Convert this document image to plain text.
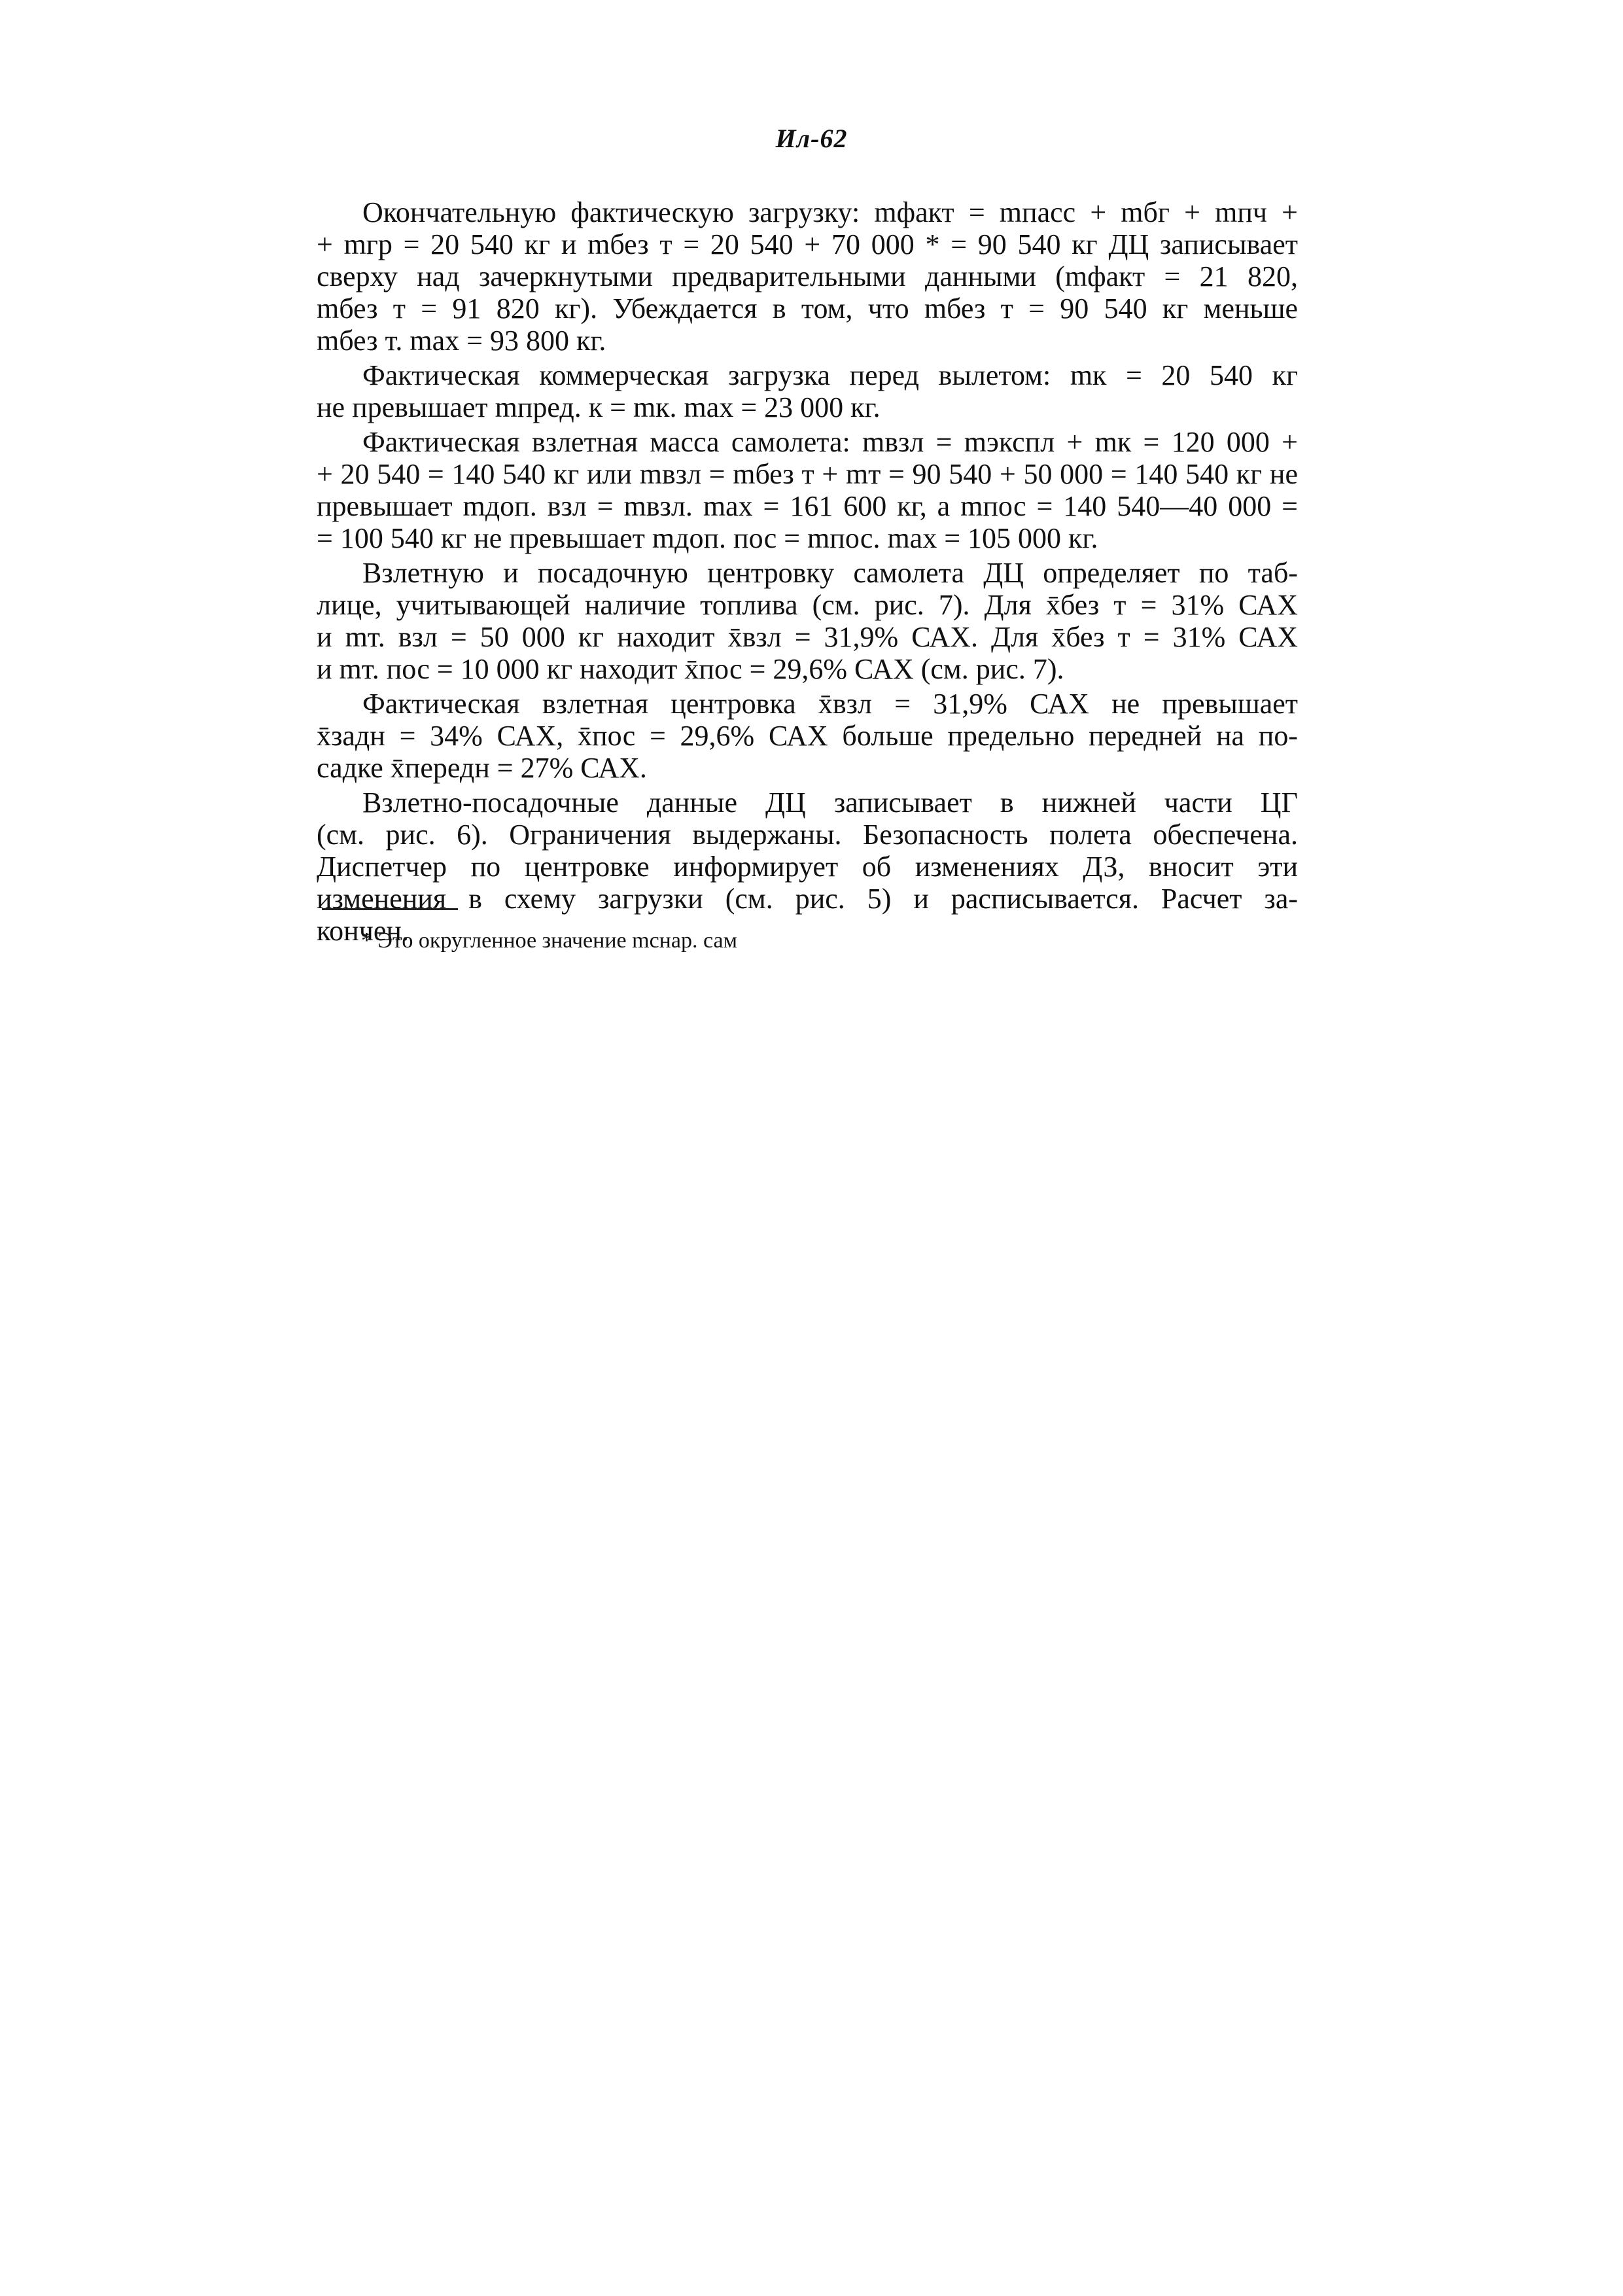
Ил-62
Окончательную фактическую загрузку: mфакт = mпасс + mбг + mпч +
+ mгр = 20 540 кг и mбез т = 20 540 + 70 000 * = 90 540 кг ДЦ записывает
сверху над зачеркнутыми предварительными данными (mфакт = 21 820,
mбез т = 91 820 кг). Убеждается в том, что mбез т = 90 540 кг меньше
mбез т. max = 93 800 кг.
Фактическая коммерческая загрузка перед вылетом: mк = 20 540 кг
не превышает mпред. к = mк. max = 23 000 кг.
Фактическая взлетная масса самолета: mвзл = mэкспл + mк = 120 000 +
+ 20 540 = 140 540 кг или mвзл = mбез т + mт = 90 540 + 50 000 = 140 540 кг не
превышает mдоп. взл = mвзл. max = 161 600 кг, а mпос = 140 540—40 000 =
= 100 540 кг не превышает mдоп. пос = mпос. max = 105 000 кг.
Взлетную и посадочную центровку самолета ДЦ определяет по таб-
лице, учитывающей наличие топлива (см. рис. 7). Для x̄без т = 31% САХ
и mт. взл = 50 000 кг находит x̄взл = 31,9% САХ. Для x̄без т = 31% САХ
и mт. пос = 10 000 кг находит x̄пос = 29,6% САХ (см. рис. 7).
Фактическая взлетная центровка x̄взл = 31,9% САХ не превышает
x̄задн = 34% САХ, x̄пос = 29,6% САХ больше предельно передней на по-
садке x̄передн = 27% САХ.
Взлетно-посадочные данные ДЦ записывает в нижней части ЦГ
(см. рис. 6). Ограничения выдержаны. Безопасность полета обеспечена.
Диспетчер по центровке информирует об изменениях ДЗ, вносит эти
изменения в схему загрузки (см. рис. 5) и расписывается. Расчет за-
кончен.
* Это округленное значение mснар. сам
